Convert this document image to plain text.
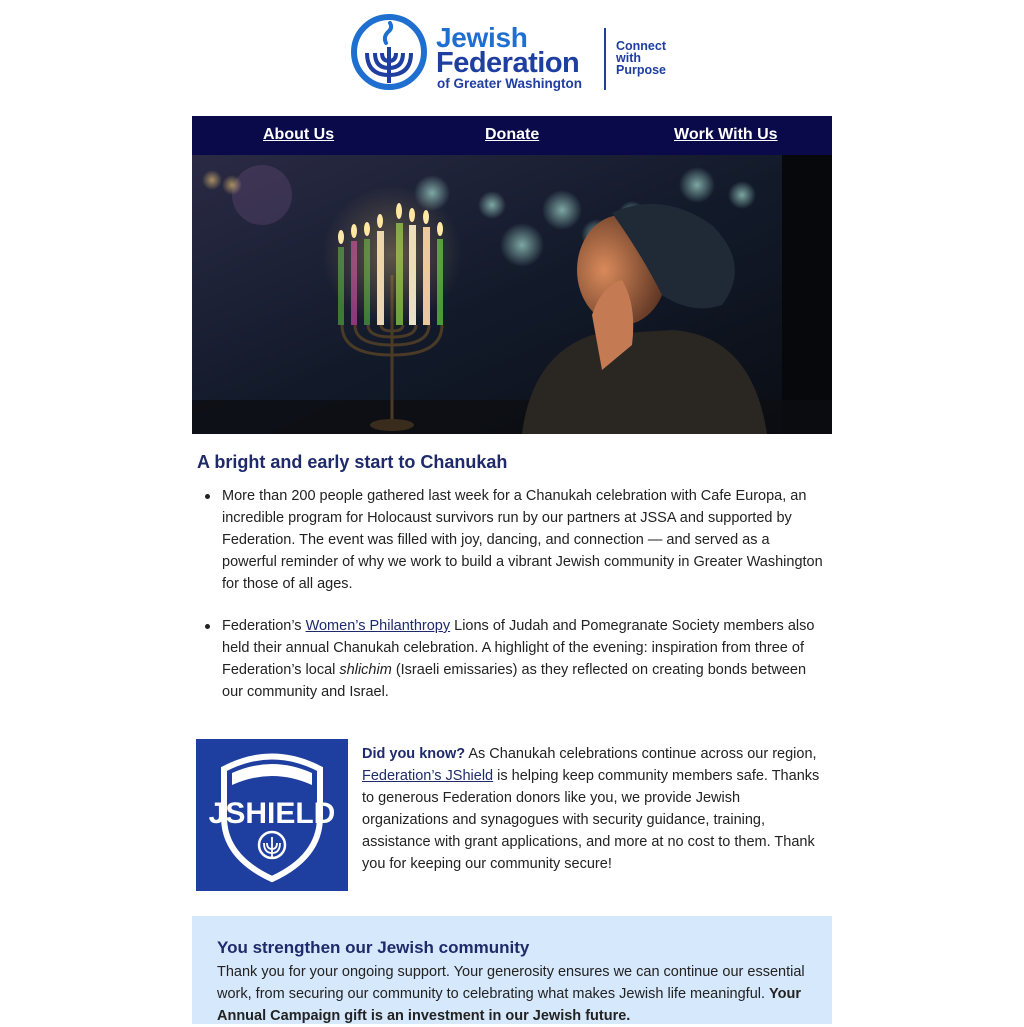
Jewish
Federation
of Greater Washington
Connect
with
Purpose
About Us	Donate	Work With Us
A bright and early start to Chanukah
More than 200 people gathered last week for a Chanukah celebration with Cafe Europa, an incredible program for Holocaust survivors run by our partners at JSSA and supported by Federation. The event was filled with joy, dancing, and connection — and served as a powerful reminder of why we work to build a vibrant Jewish community in Greater Washington for those of all ages.
Federation’s Women’s Philanthropy Lions of Judah and Pomegranate Society members also held their annual Chanukah celebration. A highlight of the evening: inspiration from three of Federation’s local shlichim (Israeli emissaries) as they reflected on creating bonds between our community and Israel.
JSHIELD
Did you know? As Chanukah celebrations continue across our region, Federation’s JShield is helping keep community members safe. Thanks to generous Federation donors like you, we provide Jewish organizations and synagogues with security guidance, training, assistance with grant applications, and more at no cost to them. Thank you for keeping our community secure!
You strengthen our Jewish community
Thank you for your ongoing support. Your generosity ensures we can continue our essential work, from securing our community to celebrating what makes Jewish life meaningful. Your Annual Campaign gift is an investment in our Jewish future.
